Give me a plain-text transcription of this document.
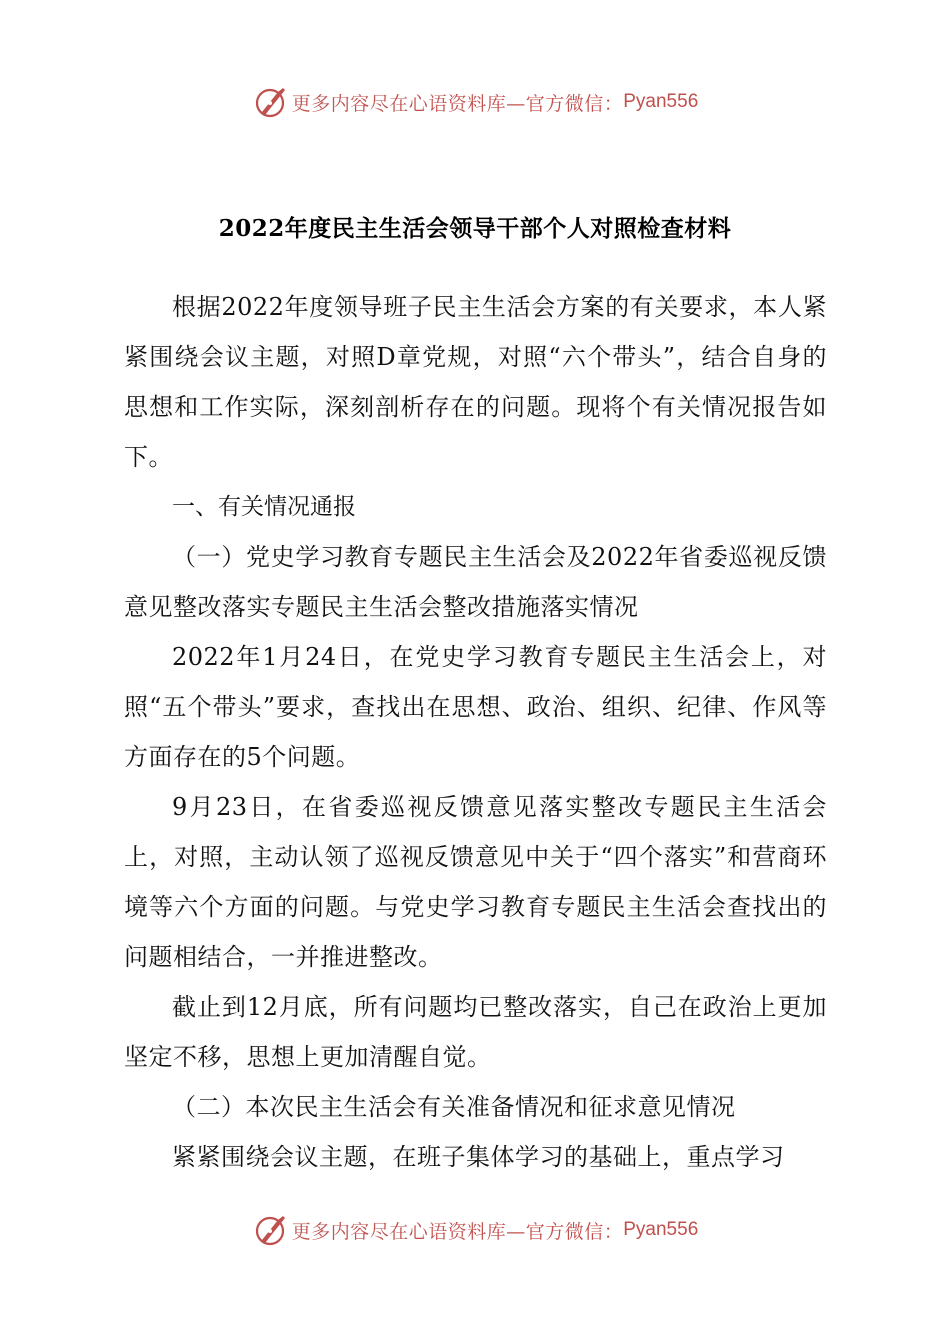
更多内容尽在心语资料库—官方微信： Pyan556
2022年度民主生活会领导干部个人对照检查材料

根据2022年度领导班子民主生活会方案的有关要求，本人紧紧围绕会议主题，对照D章党规，对照“六个带头”，结合自身的思想和工作实际，深刻剖析存在的问题。现将个有关情况报告如下。

一、有关情况通报

（一）党史学习教育专题民主生活会及2022年省委巡视反馈意见整改落实专题民主生活会整改措施落实情况

2022年1月24日，在党史学习教育专题民主生活会上，对照“五个带头”要求，查找出在思想、政治、组织、纪律、作风等方面存在的5个问题。

9月23日，在省委巡视反馈意见落实整改专题民主生活会上，对照，主动认领了巡视反馈意见中关于“四个落实”和营商环境等六个方面的问题。与党史学习教育专题民主生活会查找出的问题相结合，一并推进整改。

截止到12月底，所有问题均已整改落实，自己在政治上更加坚定不移，思想上更加清醒自觉。

（二）本次民主生活会有关准备情况和征求意见情况

紧紧围绕会议主题，在班子集体学习的基础上，重点学习

更多内容尽在心语资料库—官方微信： Pyan556
